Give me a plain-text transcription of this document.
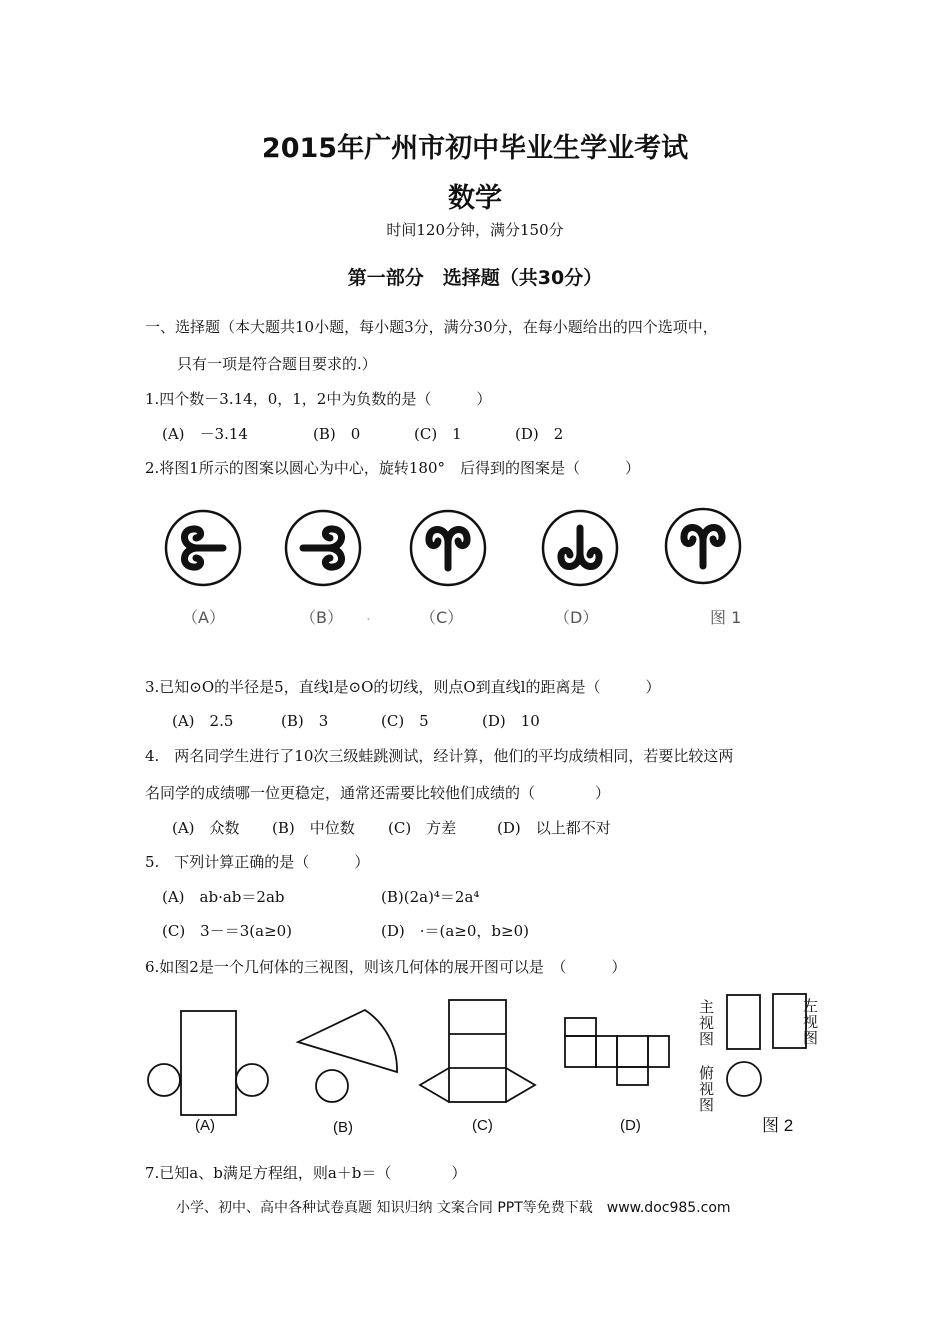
2015年广州市初中毕业生学业考试
数学
时间120分钟，满分150分
第一部分　选择题（共30分）
一、选择题（本大题共10小题，每小题3分，满分30分，在每小题给出的四个选项中，
只有一项是符合题目要求的.）
1.四个数－3.14，0，1，2中为负数的是（　　　）
(A)　－3.14	(B)　0	(C)　1	(D)　2
2.将图1所示的图案以圆心为中心，旋转180°　后得到的图案是（　　　）
（A）	（B） .	（C）	（D）	图 1
3.已知⊙O的半径是5，直线l是⊙O的切线，则点O到直线l的距离是（　　　）
(A)　2.5	(B)　3	(C)　5	(D)　10
4.　两名同学生进行了10次三级蛙跳测试，经计算，他们的平均成绩相同，若要比较这两
名同学的成绩哪一位更稳定，通常还需要比较他们成绩的（　　　　）
(A)　众数 (B)　中位数 (C)　方差	(D)　以上都不对
5.　下列计算正确的是（　　　）
(A)　ab·ab＝2ab	(B)(2a)⁴＝2a⁴
(C)　3－＝3(a≥0)	(D)　·＝(a≥0，b≥0)
6.如图2是一个几何体的三视图，则该几何体的展开图可以是　（　　　）
(A)	(B)	(C)	(D)
主视图
左视图
俯视图
图 2
7.已知a、b满足方程组，则a＋b＝（　　　　）
小学、初中、高中各种试卷真题 知识归纳 文案合同 PPT等免费下载　www.doc985.com
